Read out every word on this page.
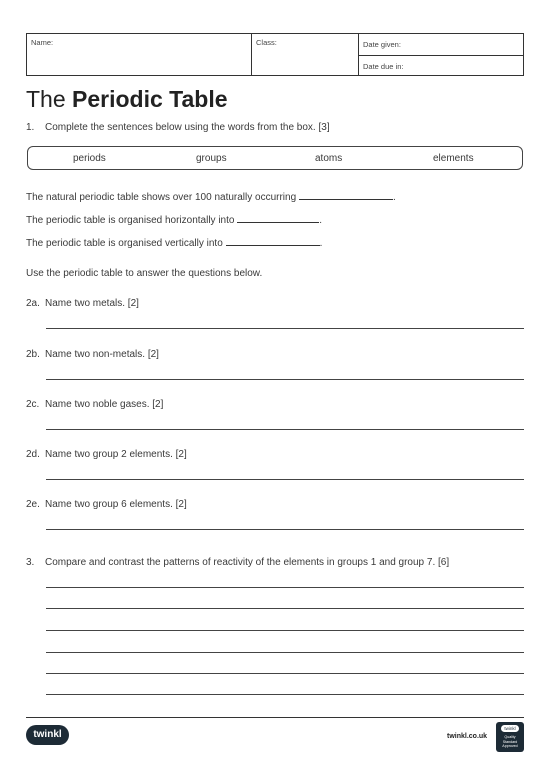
Name:	Class:	Date given:
Date due in:
The Periodic Table
1. Complete the sentences below using the words from the box. [3]
periods	groups	atoms	elements
The natural periodic table shows over 100 naturally occurring	.
The periodic table is organised horizontally into	.
The periodic table is organised vertically into	.
Use the periodic table to answer the questions below.
2a. Name two metals. [2]
2b. Name two non-metals. [2]
2c. Name two noble gases. [2]
2d. Name two group 2 elements. [2]
2e. Name two group 6 elements. [2]
3. Compare and contrast the patterns of reactivity of the elements in groups 1 and group 7. [6]
twinkl	twinkl.co.uk
twinkl
Quality Standard Approved
